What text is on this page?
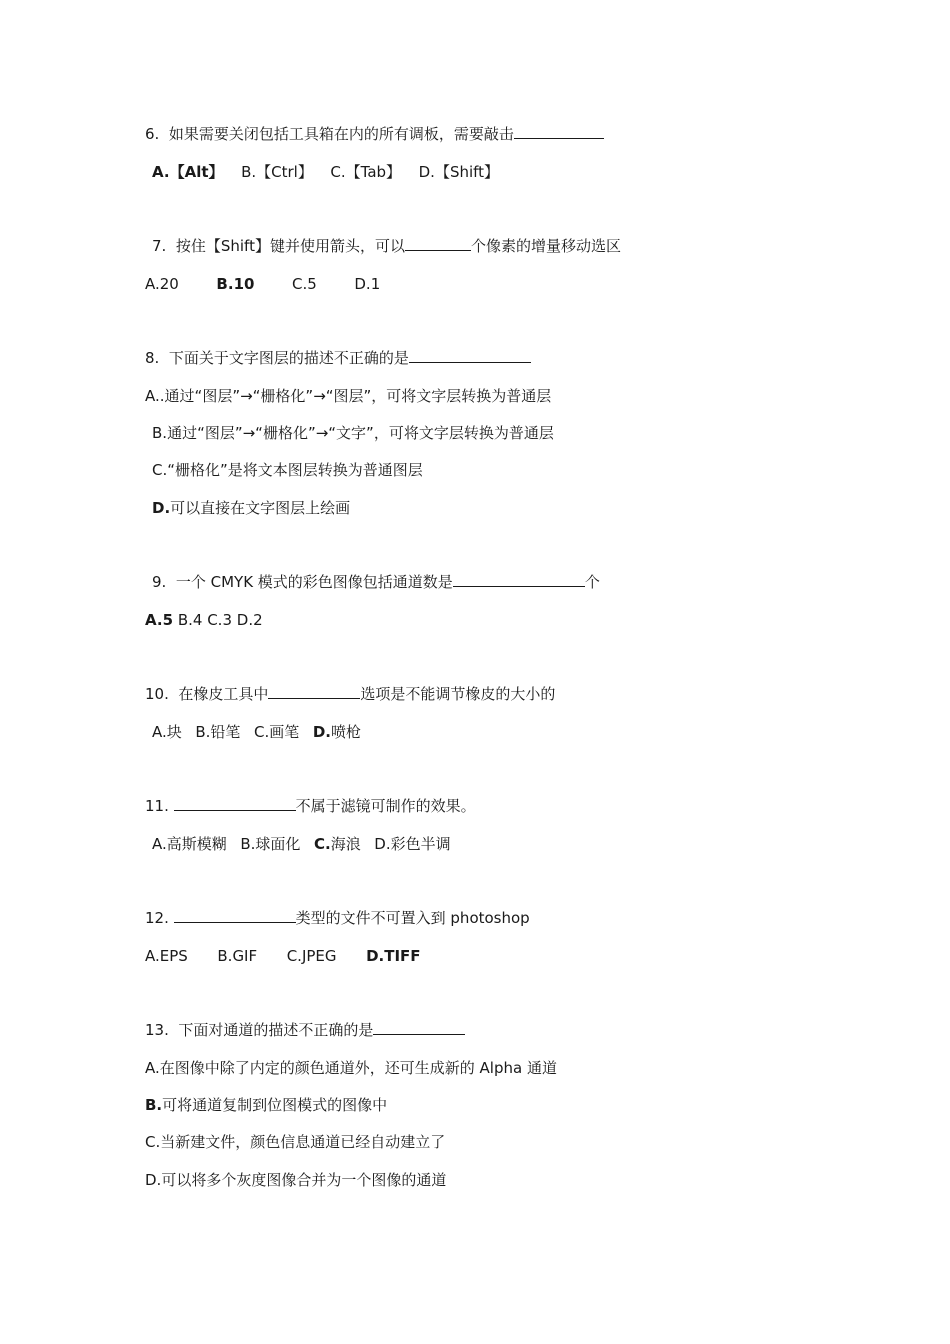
6. 如果需要关闭包括工具箱在内的所有调板，需要敲击
A.【Alt】 B.【Ctrl】 C.【Tab】 D.【Shift】
7. 按住【Shift】键并使用箭头，可以	个像素的增量移动选区
A.20	B.10	C.5	D.1
8. 下面关于文字图层的描述不正确的是
A..通过“图层”→“栅格化”→“图层”，可将文字层转换为普通层
B.通过“图层”→“栅格化”→“文字”，可将文字层转换为普通层
C.“栅格化”是将文本图层转换为普通图层
D.可以直接在文字图层上绘画
9. 一个 CMYK 模式的彩色图像包括通道数是	个
A.5 B.4 C.3 D.2
10. 在橡皮工具中	选项是不能调节橡皮的大小的
A.块 B.铅笔 C.画笔 D.喷枪
11.	不属于滤镜可制作的效果。
A.高斯模糊 B.球面化 C.海浪 D.彩色半调
12.	类型的文件不可置入到 photoshop
A.EPS B.GIF C.JPEG D.TIFF
13. 下面对通道的描述不正确的是
A.在图像中除了内定的颜色通道外，还可生成新的 Alpha 通道
B.可将通道复制到位图模式的图像中
C.当新建文件，颜色信息通道已经自动建立了
D.可以将多个灰度图像合并为一个图像的通道
